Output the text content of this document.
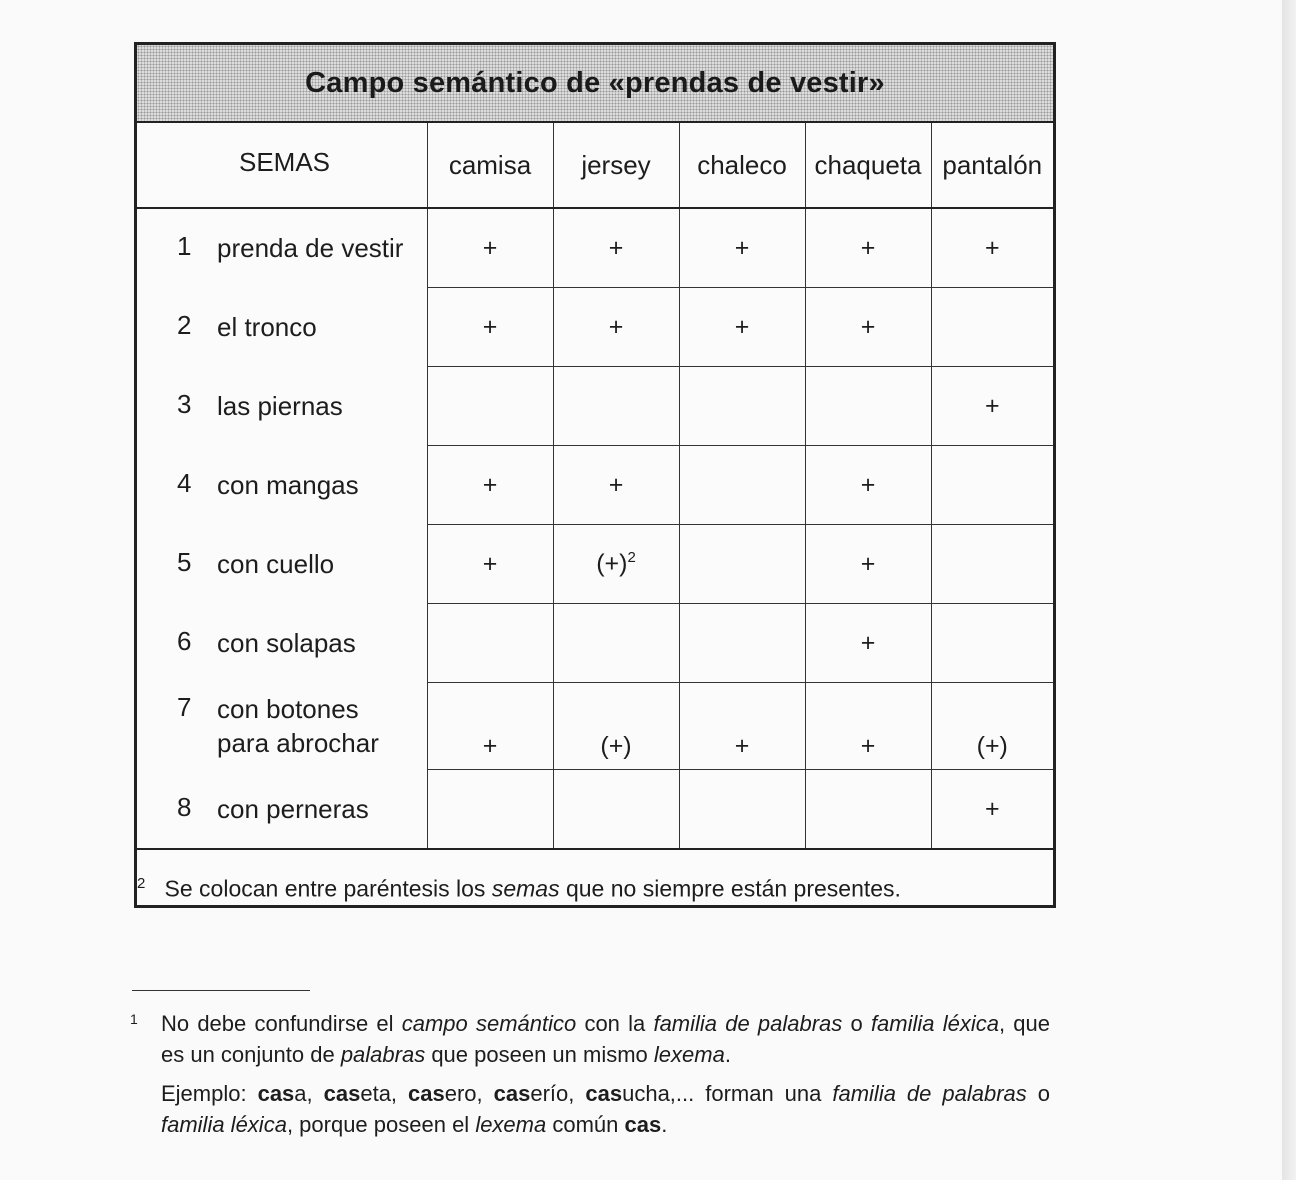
Campo semántico de «prendas de vestir»
SEMAS	camisa	jersey	chaleco	chaqueta	pantalón
1 prenda de vestir	+	+	+	+	+
2 el tronco	+	+	+	+	
3 las piernas					+
4 con mangas	+	+		+	
5 con cuello	+	$(+)^2$		+	
6 con solapas				+	
7 con botones
para abrochar	+	(+)	+	+	(+)
8 con perneras					+
$^2$ Se colocan entre paréntesis los semas que no siempre están presentes.					
1 No debe confundirse el campo semántico con la familia de palabras o familia léxica, que es un conjunto de palabras que poseen un mismo lexema.

Ejemplo: casa, caseta, casero, caserío, casucha,... forman una familia de palabras o familia léxica, porque poseen el lexema común cas.
